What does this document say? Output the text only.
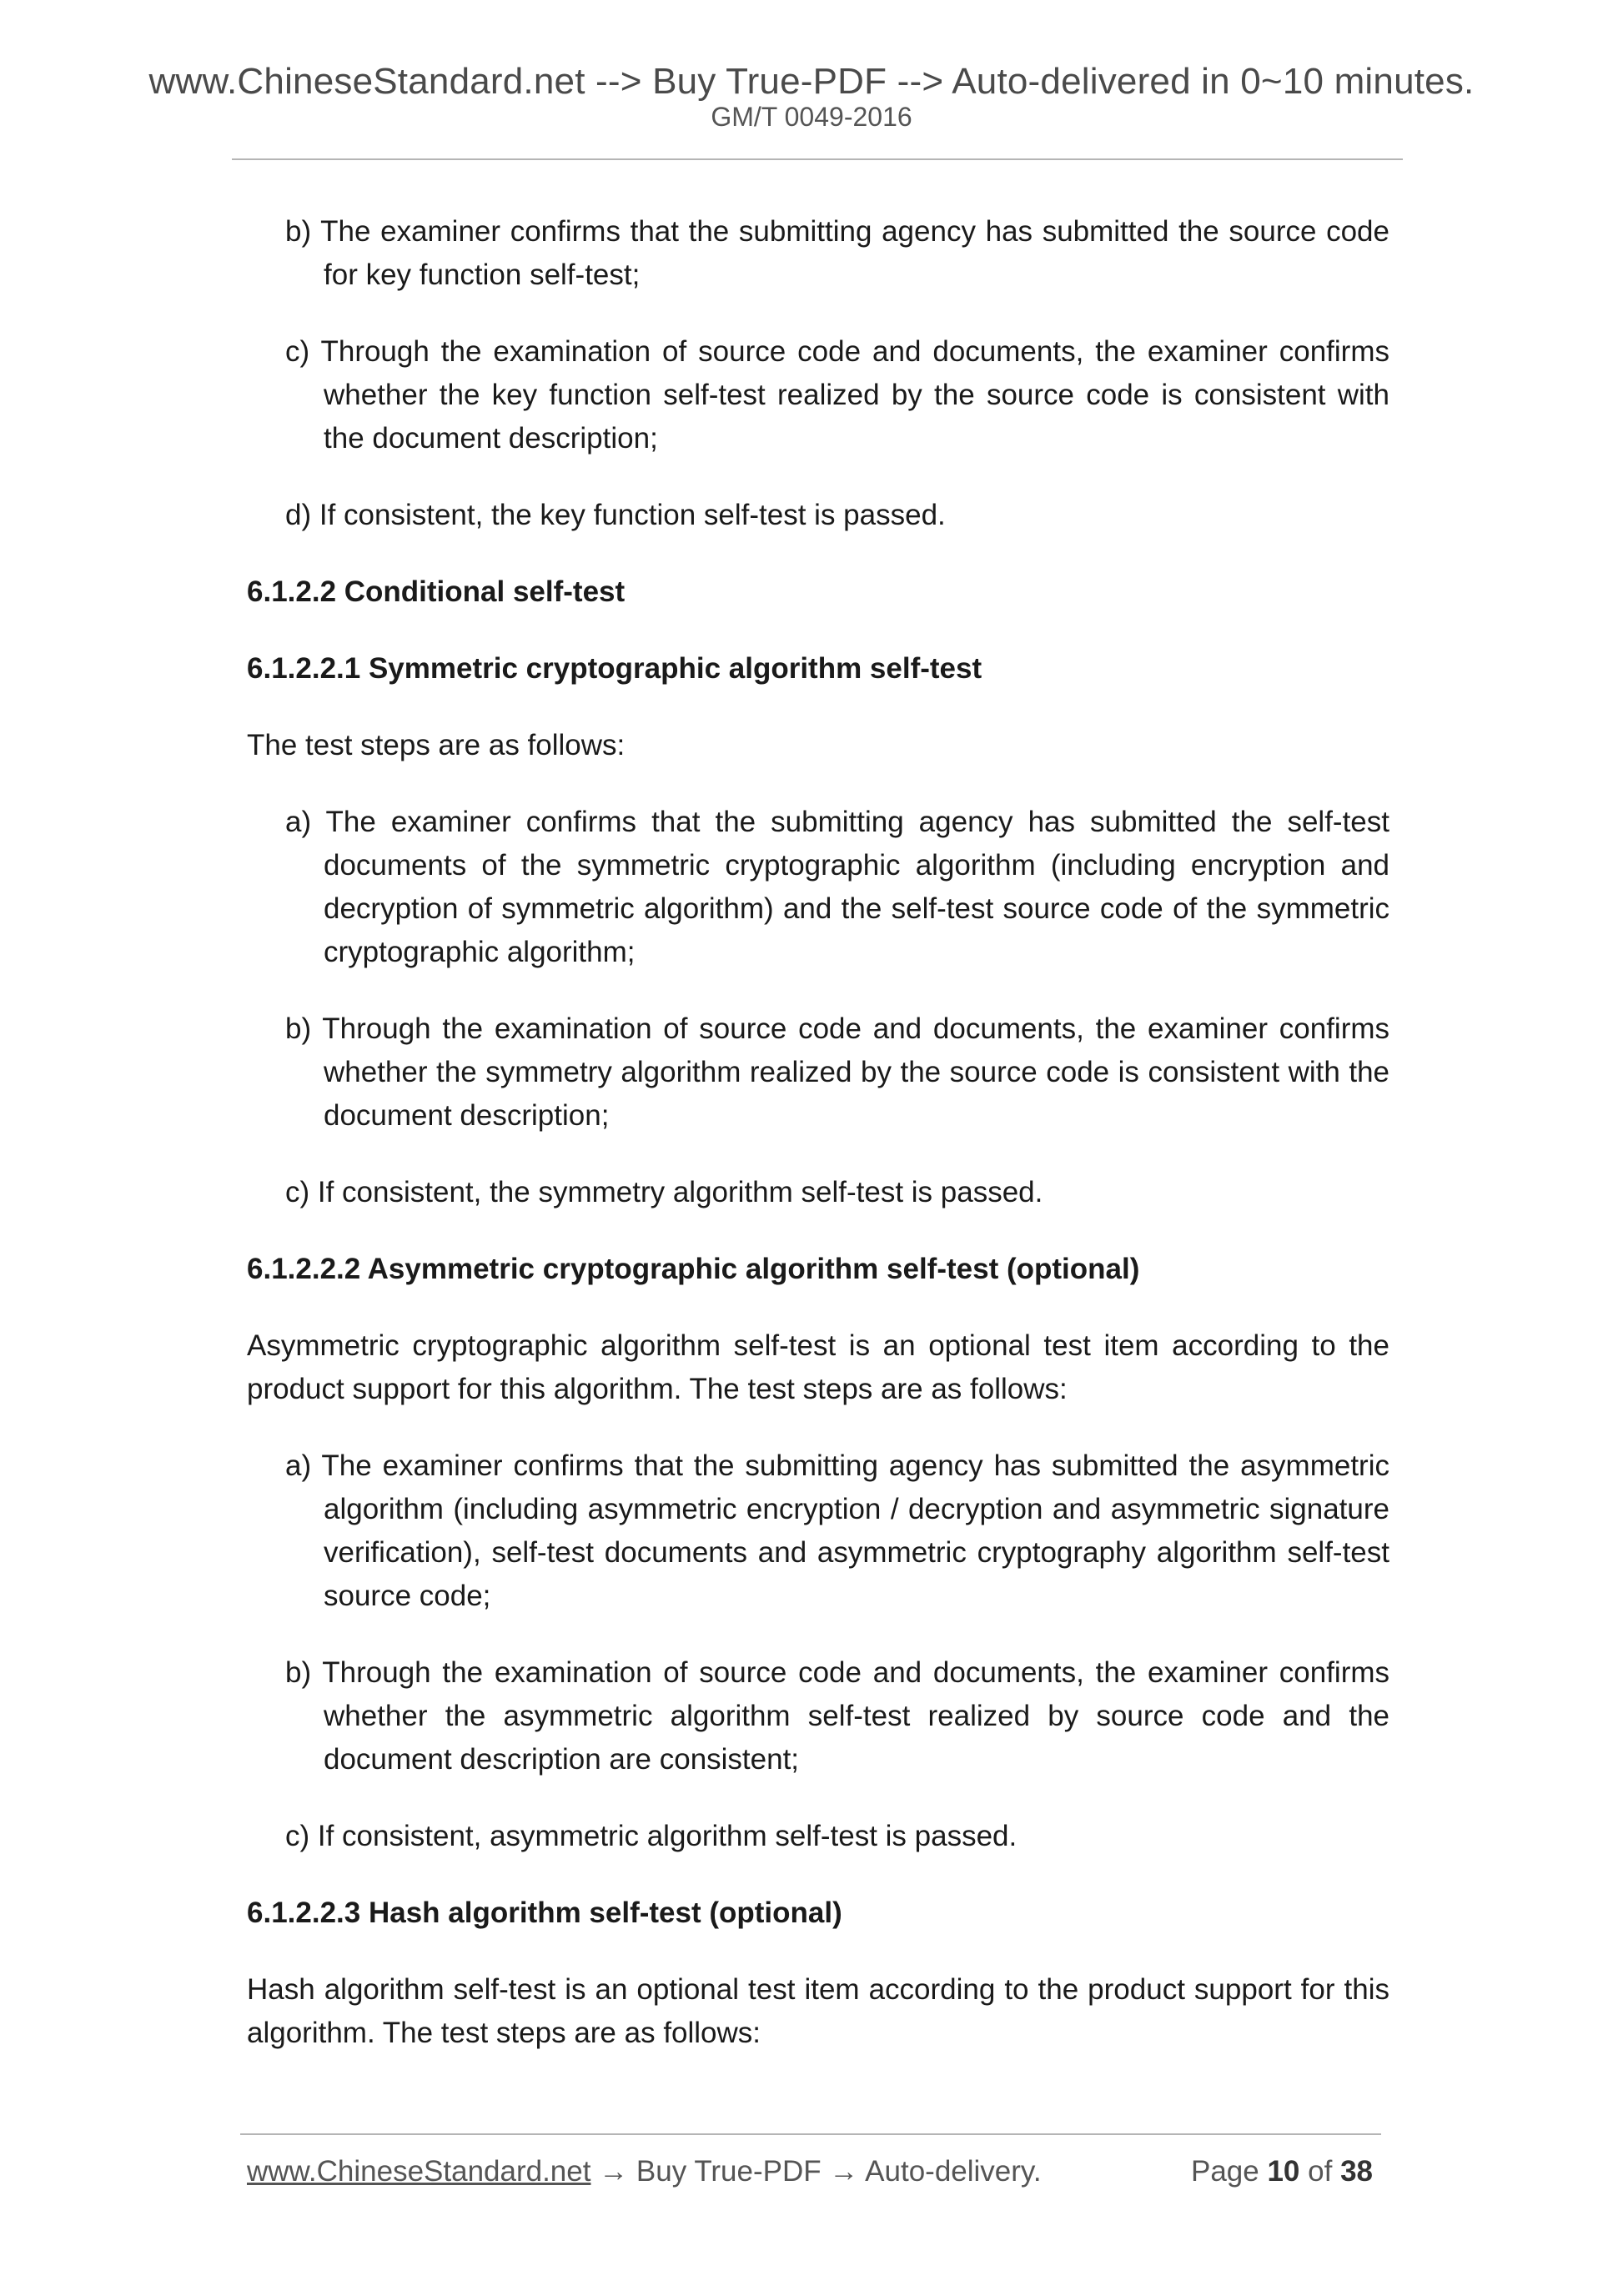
www.ChineseStandard.net --> Buy True-PDF --> Auto-delivered in 0~10 minutes.
GM/T 0049-2016

b) The examiner confirms that the submitting agency has submitted the source code for key function self-test;

c) Through the examination of source code and documents, the examiner confirms whether the key function self-test realized by the source code is consistent with the document description;

d) If consistent, the key function self-test is passed.

6.1.2.2 Conditional self-test

6.1.2.2.1 Symmetric cryptographic algorithm self-test

The test steps are as follows:

a) The examiner confirms that the submitting agency has submitted the self-test documents of the symmetric cryptographic algorithm (including encryption and decryption of symmetric algorithm) and the self-test source code of the symmetric cryptographic algorithm;

b) Through the examination of source code and documents, the examiner confirms whether the symmetry algorithm realized by the source code is consistent with the document description;

c) If consistent, the symmetry algorithm self-test is passed.

6.1.2.2.2 Asymmetric cryptographic algorithm self-test (optional)

Asymmetric cryptographic algorithm self-test is an optional test item according to the product support for this algorithm. The test steps are as follows:

a) The examiner confirms that the submitting agency has submitted the asymmetric algorithm (including asymmetric encryption / decryption and asymmetric signature verification), self-test documents and asymmetric cryptography algorithm self-test source code;

b) Through the examination of source code and documents, the examiner confirms whether the asymmetric algorithm self-test realized by source code and the document description are consistent;

c) If consistent, asymmetric algorithm self-test is passed.

6.1.2.2.3 Hash algorithm self-test (optional)

Hash algorithm self-test is an optional test item according to the product support for this algorithm. The test steps are as follows:

www.ChineseStandard.net → Buy True-PDF → Auto-delivery.	Page 10 of 38
